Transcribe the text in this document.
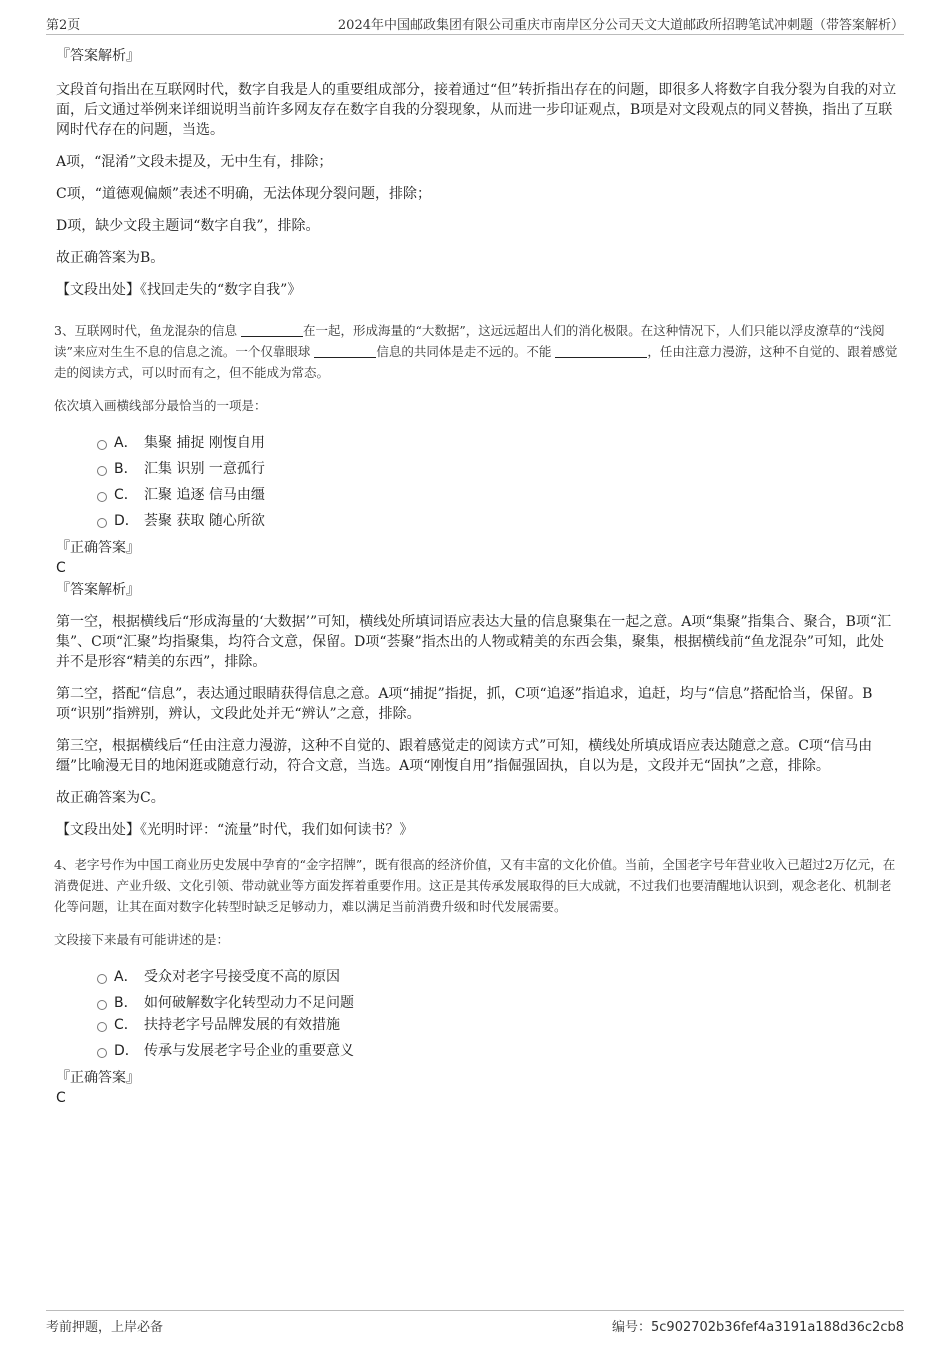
第2页	2024年中国邮政集团有限公司重庆市南岸区分公司天文大道邮政所招聘笔试冲刺题（带答案解析）

『答案解析』

文段首句指出在互联网时代，数字自我是人的重要组成部分，接着通过“但”转折指出存在的问题，即很多人将数字自我分裂为自我的对立面，后文通过举例来详细说明当前许多网友存在数字自我的分裂现象，从而进一步印证观点，B项是对文段观点的同义替换，指出了互联网时代存在的问题，当选。

A项，“混淆”文段未提及，无中生有，排除；

C项，“道德观偏颇”表述不明确，无法体现分裂问题，排除；

D项，缺少文段主题词“数字自我”，排除。

故正确答案为B。

【文段出处】《找回走失的“数字自我”》

3、互联网时代，鱼龙混杂的信息	在一起，形成海量的“大数据”，这远远超出人们的消化极限。在这种情况下，人们只能以浮皮潦草的“浅阅读”来应对生生不息的信息之流。一个仅靠眼球	信息的共同体是走不远的。不能	，任由注意力漫游，这种不自觉的、跟着感觉走的阅读方式，可以时而有之，但不能成为常态。

依次填入画横线部分最恰当的一项是：

A． 集聚 捕捉 刚愎自用
B． 汇集 识别 一意孤行
C． 汇聚 追逐 信马由缰
D． 荟聚 获取 随心所欲

『正确答案』

C

『答案解析』

第一空，根据横线后“形成海量的‘大数据’”可知，横线处所填词语应表达大量的信息聚集在一起之意。A项“集聚”指集合、聚合，B项“汇集”、C项“汇聚”均指聚集，均符合文意，保留。D项“荟聚”指杰出的人物或精美的东西会集，聚集，根据横线前“鱼龙混杂”可知，此处并不是形容“精美的东西”，排除。

第二空，搭配“信息”，表达通过眼睛获得信息之意。A项“捕捉”指捉，抓，C项“追逐”指追求，追赶，均与“信息”搭配恰当，保留。B项“识别”指辨别，辨认，文段此处并无“辨认”之意，排除。

第三空，根据横线后“任由注意力漫游，这种不自觉的、跟着感觉走的阅读方式”可知，横线处所填成语应表达随意之意。C项“信马由缰”比喻漫无目的地闲逛或随意行动，符合文意，当选。A项“刚愎自用”指倔强固执，自以为是，文段并无“固执”之意，排除。

故正确答案为C。

【文段出处】《光明时评：“流量”时代，我们如何读书？》

4、老字号作为中国工商业历史发展中孕育的“金字招牌”，既有很高的经济价值，又有丰富的文化价值。当前，全国老字号年营业收入已超过2万亿元，在消费促进、产业升级、文化引领、带动就业等方面发挥着重要作用。这正是其传承发展取得的巨大成就，不过我们也要清醒地认识到，观念老化、机制老化等问题，让其在面对数字化转型时缺乏足够动力，难以满足当前消费升级和时代发展需要。

文段接下来最有可能讲述的是：

A． 受众对老字号接受度不高的原因
B． 如何破解数字化转型动力不足问题
C． 扶持老字号品牌发展的有效措施
D． 传承与发展老字号企业的重要意义

『正确答案』

C

考前押题，上岸必备	编号：5c902702b36fef4a3191a188d36c2cb8
